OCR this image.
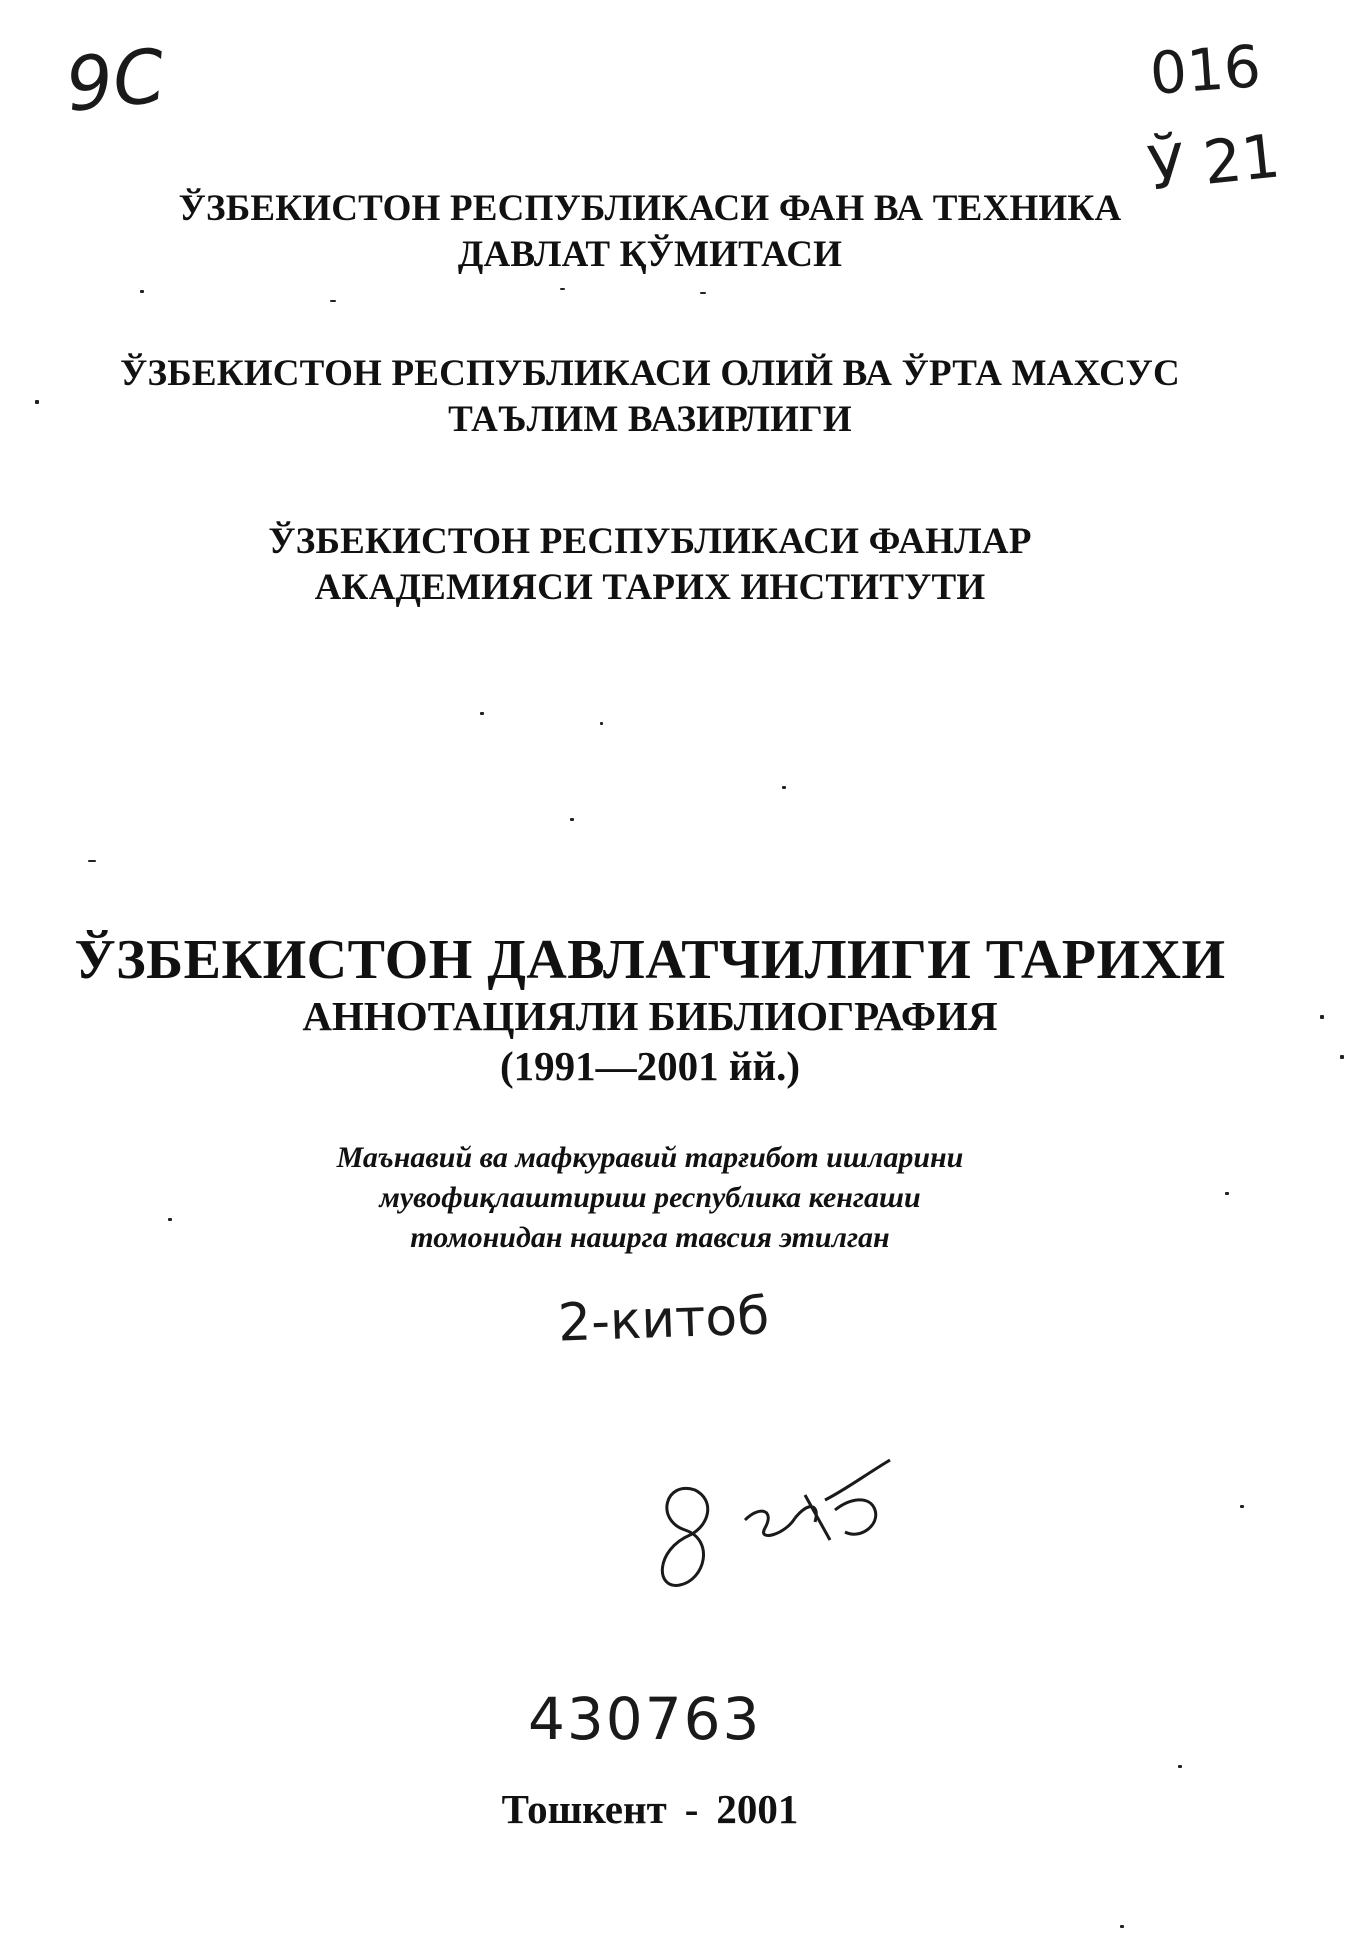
9С	016
Ў 21
ЎЗБЕКИСТОН РЕСПУБЛИКАСИ ФАН ВА ТЕХНИКА
ДАВЛАТ ҚЎМИТАСИ
ЎЗБЕКИСТОН РЕСПУБЛИКАСИ ОЛИЙ ВА ЎРТА МАХСУС
ТАЪЛИМ ВАЗИРЛИГИ
ЎЗБЕКИСТОН РЕСПУБЛИКАСИ ФАНЛАР
АКАДЕМИЯСИ ТАРИХ ИНСТИТУТИ
ЎЗБЕКИСТОН ДАВЛАТЧИЛИГИ ТАРИХИ
АННОТАЦИЯЛИ БИБЛИОГРАФИЯ
(1991—2001 йй.)
Маънавий ва мафкуравий тарғибот ишларини
мувофиқлаштириш республика кенгаши
томонидан нашрга тавсия этилган
2-китоб
430763
Тошкент - 2001
